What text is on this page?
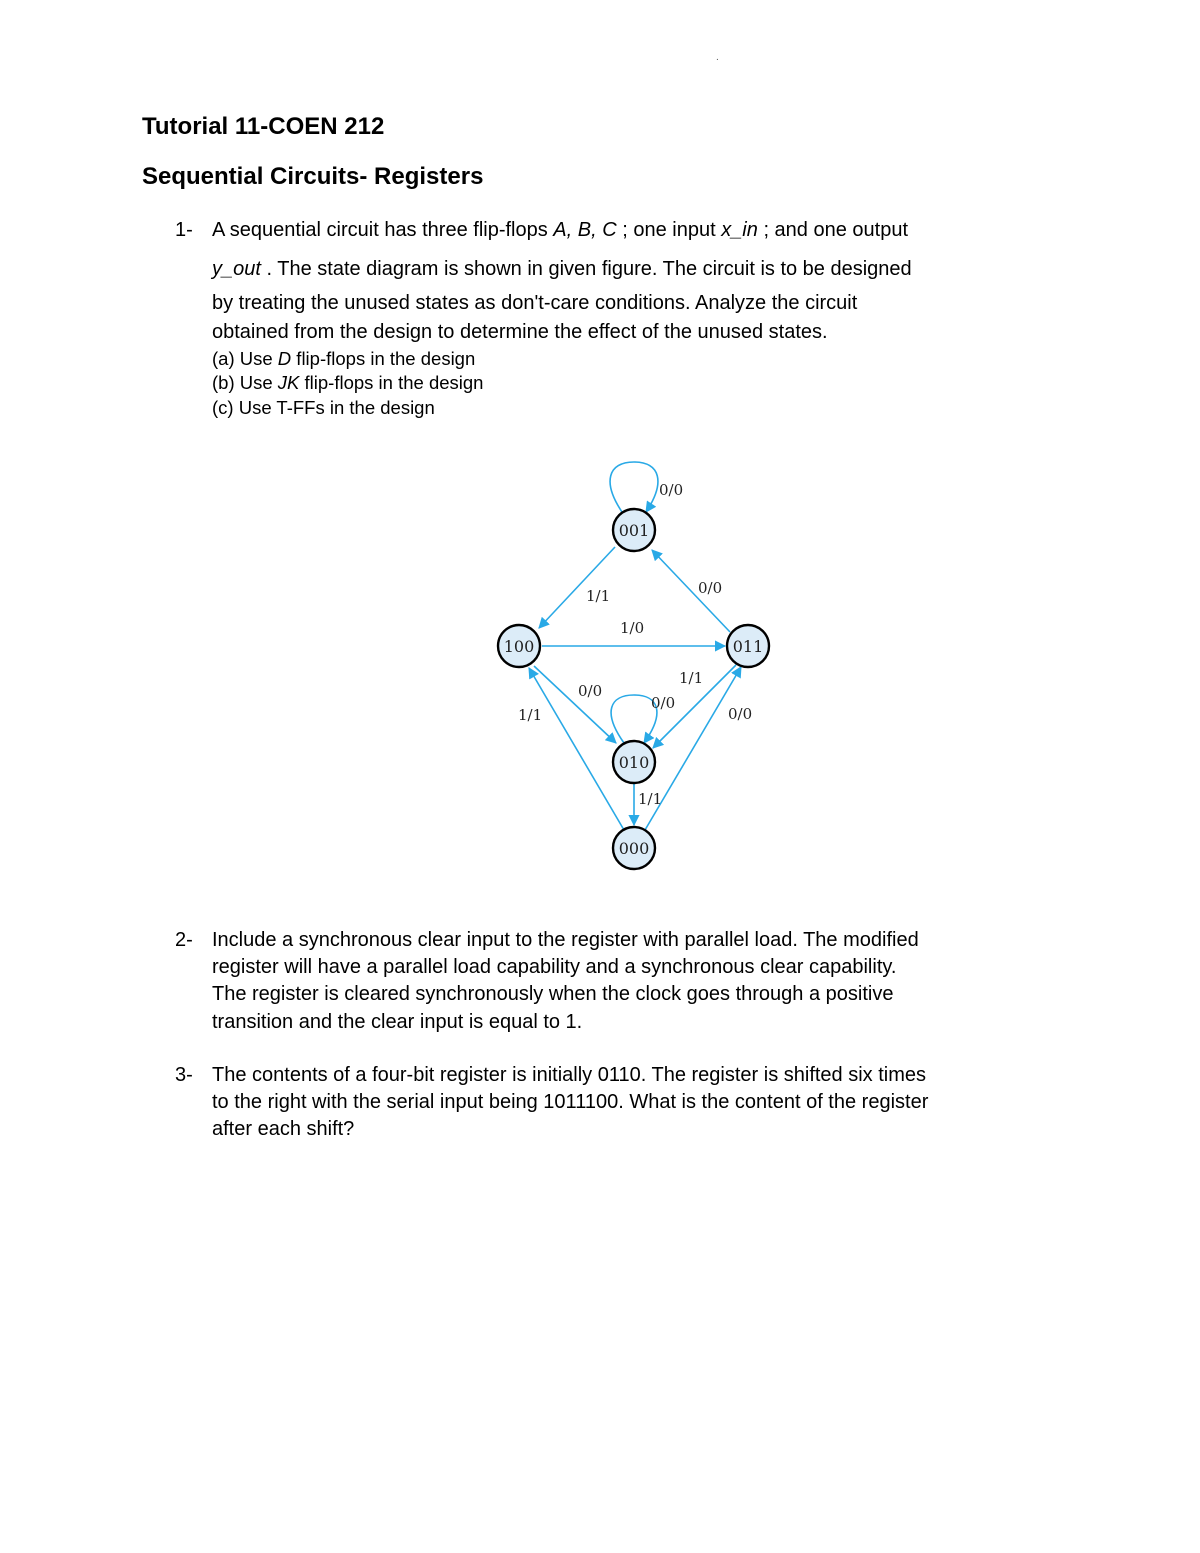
.
Tutorial 11-COEN 212
Sequential Circuits- Registers
1- A sequential circuit has three flip-flops A, B, C ; one input x_in ; and one output
y_out . The state diagram is shown in given figure. The circuit is to be designed
by treating the unused states as don't-care conditions. Analyze the circuit
obtained from the design to determine the effect of the unused states.
(a) Use D flip-flops in the design
(b) Use JK flip-flops in the design
(c) Use T-FFs in the design
0/0
1/1	0/0
1/0
0/0
0/0
1/1
0/0
1/1
1/1
001
100	011
010
000
2- Include a synchronous clear input to the register with parallel load. The modified
register will have a parallel load capability and a synchronous clear capability.
The register is cleared synchronously when the clock goes through a positive
transition and the clear input is equal to 1.
3- The contents of a four-bit register is initially 0110. The register is shifted six times
to the right with the serial input being 1011100. What is the content of the register
after each shift?
